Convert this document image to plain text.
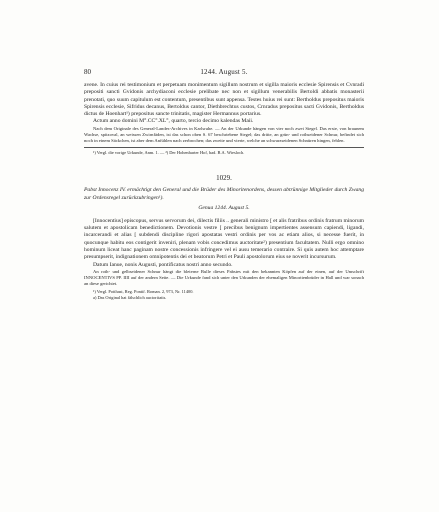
80	1244. August 5.

avene. In cuius rei testimonium et perpetuam monimentum sigillum nostrum et sigilla maioris ecclesie Spirensis et Cvnradi prepositi sancti Gvidonis archydiaconi ecclesie prelibate nec non et sigillum venerabilis Bertoldi abbatis monasterii prenotati, quo suum capitulum est contentum, presentibus sunt appensa. Testes huius rei sunt: Bertholdus prepositus maioris Spirensis ecclesie, Sifridus decanus, Bertoldus cantor, Diethbrechtus custos, Crnradus prepositus sacti Gvidonis, Bertholdus dictus de Hoenhart¹) prepositus sancte trinitatis, magister Hermannus portarius.

Actum anno domini M°.CC°.XL°, quarto, tercio decimo kalendas Maii.

Nach dem Originale des General-Landes-Archives in Karlsruhe. — An der Urkunde hängen von vier noch zwei Siegel. Das erste, von braunem Wachse, spitzoval, an weissen Zwirnfäden, ist das schon oben S. 67 beschriebene Siegel; das dritte, an grün- und rothseidener Schnur, befindet sich noch in einem Säckchen, ist aber dem Anfühlen nach zerbrochen; das zweite und vierte, welche an schwarzseidenen Schnüren hingen, fehlen.

¹) Vergl. die vorige Urkunde, Anm. 1. — ²) Der Hohenharter Hof, bad. B.A. Wiesloch.
1029.
Pabst Innocenz IV. ermächtigt den General und die Brüder des Minoritenordens, dessen abtrünnige Mitglieder durch Zwang zur Ordensregel zurückzubringen¹).
Genua 1244. August 5.

[Innocentius] episcopus, servus servorum dei, dilectis filiis .. generali ministro [ et alis fratribus ordinis fratrum minorum salutem et apostolicam benedictionem. Devotionis vestre [ precibus benignum impertientes assensum capiendi, ligandi, incarcerandi et alias [ subdendi discipline rigori apostatas vestri ordinis per vos ac etiam alios, si necesse fuerit, in quocunque habitu eos contigerit inveniri, plenam vobis concedimus auctoritate²) presentium facultatem. Nulli ergo omnino hominum liceat hanc paginam nostre concessionis infringere vel ei ausu temerario contraire. Si quis autem hoc attemptare presumpserit, indignationem omnipotentis dei et beatorum Petri et Pauli apostolorum eius se noverit incursurum.

Datum Ianue, nonis Augusti, pontificatus nostri anno secundo.

An roth- und gelbseidener Schnur hängt die bleierne Bulle dieses Pabstes mit den bekannten Köpfen auf der einen, auf der Umschrift INNOCENTIVS PP. IIII auf der andern Seite. — Die Urkunde fand sich unter den Urkunden der ehemaligen Minoritenbrüder in Hall und war sonach an diese gerichtet.

¹) Vergl. Potthast, Reg. Pontif. Roman. 2, 973, Nr. 11400.
a) Das Original hat fälschlich auctoritatis.
